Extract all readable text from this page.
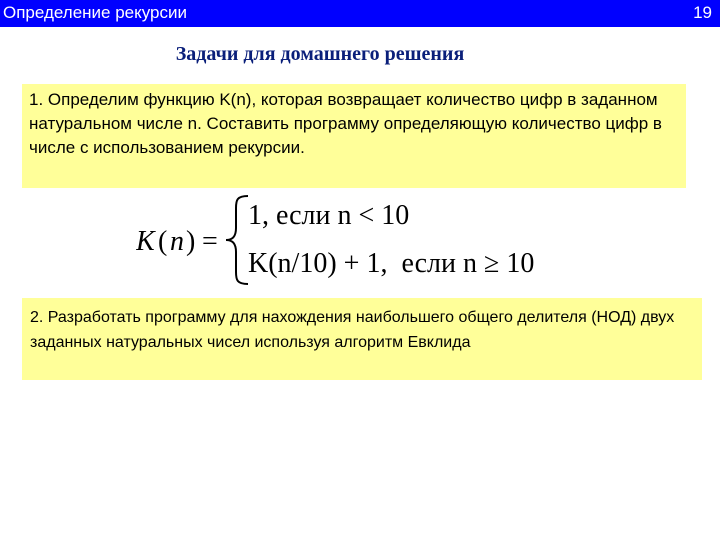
Определение рекурсии	19
Задачи для домашнего решения
1. Определим функцию K(n), которая возвращает количество цифр в заданном натуральном числе n. Составить программу определяющую количество цифр в числе с использованием рекурсии.
K ( n ) =
1, если n < 10
K(n/10) + 1,  если n ≥ 10
2. Разработать программу для нахождения наибольшего общего делителя (НОД) двух заданных натуральных чисел используя алгоритм Евклида
